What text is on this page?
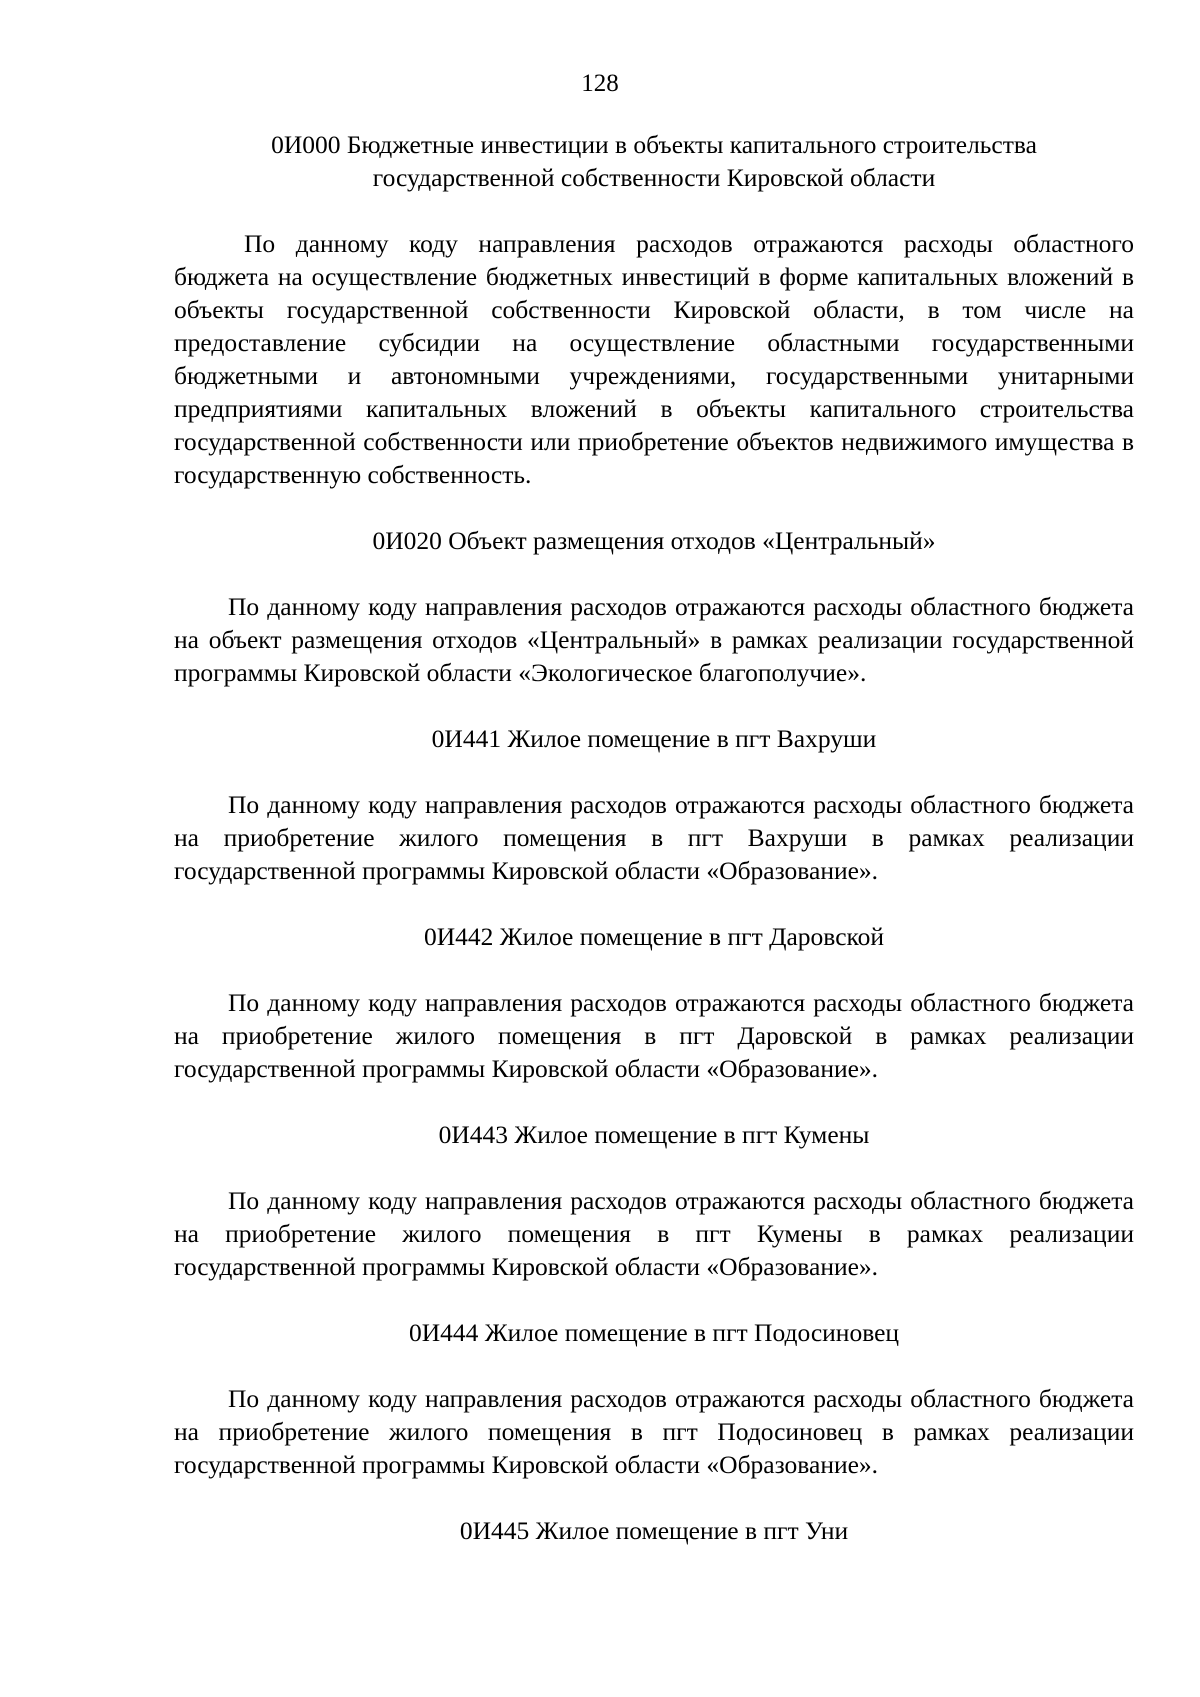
128

0И000 Бюджетные инвестиции в объекты капитального строительства государственной собственности Кировской области

По данному коду направления расходов отражаются расходы областного бюджета на осуществление бюджетных инвестиций в форме капитальных вложений в объекты государственной собственности Кировской области, в том числе на предоставление субсидии на осуществление областными государственными бюджетными и автономными учреждениями, государственными унитарными предприятиями капитальных вложений в объекты капитального строительства государственной собственности или приобретение объектов недвижимого имущества в государственную собственность.

0И020 Объект размещения отходов «Центральный»

По данному коду направления расходов отражаются расходы областного бюджета на объект размещения отходов «Центральный» в рамках реализации государственной программы Кировской области «Экологическое благополучие».

0И441 Жилое помещение в пгт Вахруши

По данному коду направления расходов отражаются расходы областного бюджета на приобретение жилого помещения в пгт Вахруши в рамках реализации государственной программы Кировской области «Образование».

0И442 Жилое помещение в пгт Даровской

По данному коду направления расходов отражаются расходы областного бюджета на приобретение жилого помещения в пгт Даровской в рамках реализации государственной программы Кировской области «Образование».

0И443 Жилое помещение в пгт Кумены

По данному коду направления расходов отражаются расходы областного бюджета на приобретение жилого помещения в пгт Кумены в рамках реализации государственной программы Кировской области «Образование».

0И444 Жилое помещение в пгт Подосиновец

По данному коду направления расходов отражаются расходы областного бюджета на приобретение жилого помещения в пгт Подосиновец в рамках реализации государственной программы Кировской области «Образование».

0И445 Жилое помещение в пгт Уни
